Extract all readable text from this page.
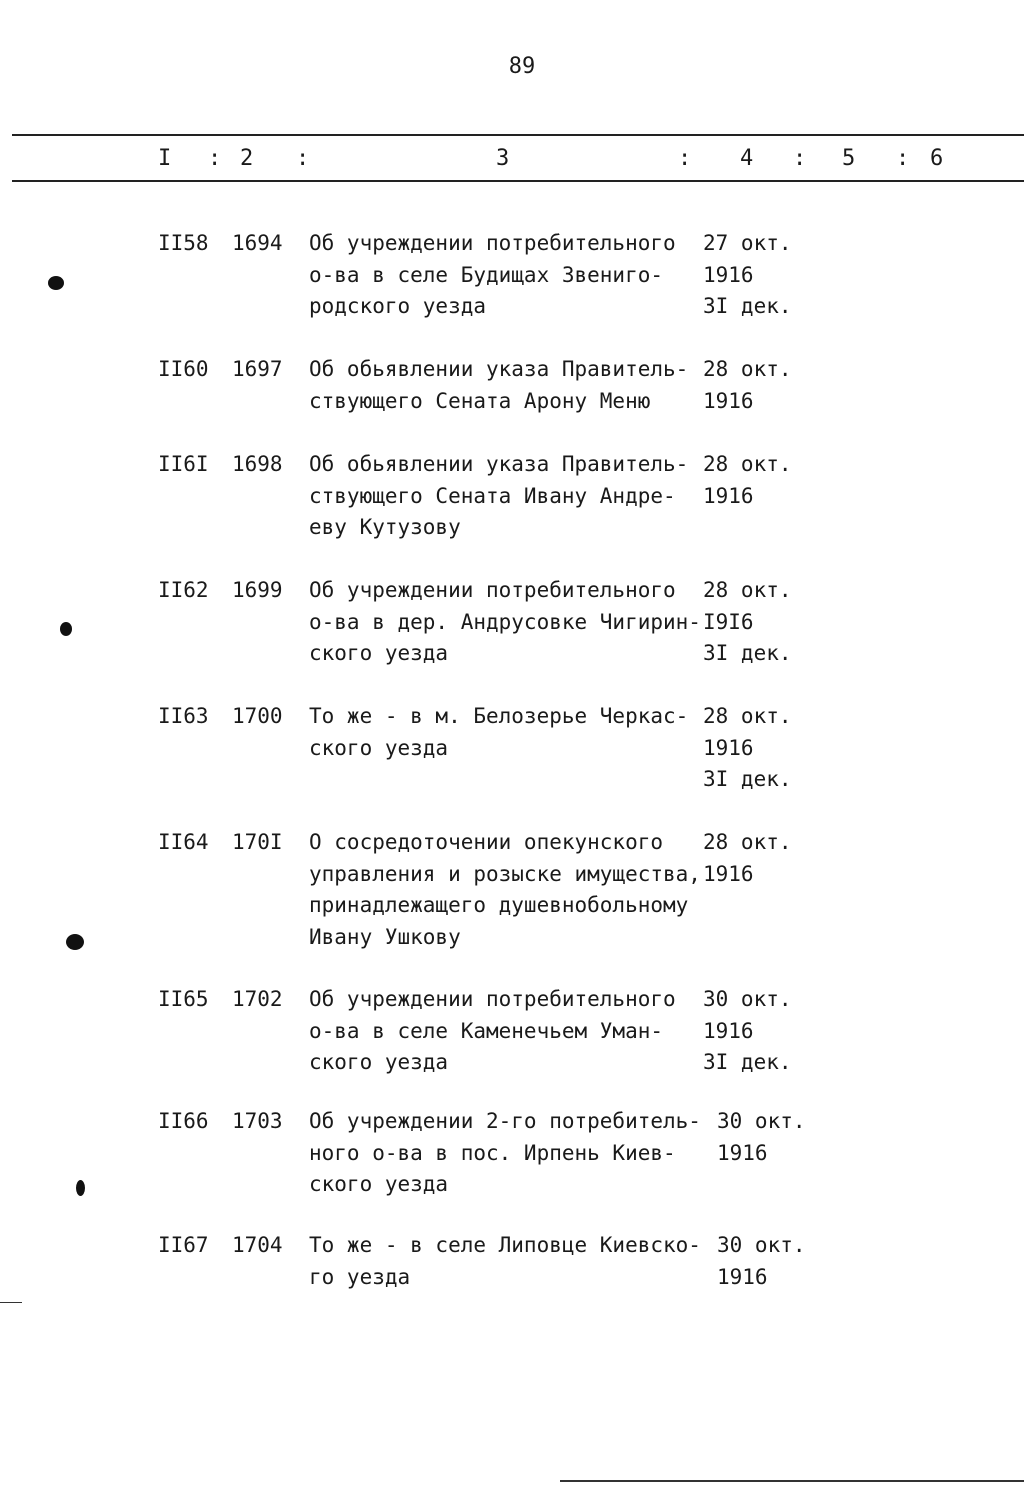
89
I : 2 :	3	: 4 : 5 : 6
II58 1694 Об учреждении потребительного
о-ва в селе Будищах Звениго-
родского уезда
27 окт.
1916
3I дек.
II60 1697 Об обьявлении указа Правитель-
ствующего Сената Арону Меню
28 окт.
1916
II6I 1698 Об обьявлении указа Правитель-
ствующего Сената Ивану Андре-
еву Кутузову
28 окт.
1916
II62 1699 Об учреждении потребительного
о-ва в дер. Андрусовке Чигирин-
ского уезда
28 окт.
I9I6
3I дек.
II63 1700 То же - в м. Белозерье Черкас-
ского уезда
28 окт.
1916
3I дек.
II64 170I О сосредоточении опекунского
управления и розыске имущества,
принадлежащего душевнобольному
Ивану Ушкову
28 окт.
1916
II65 1702 Об учреждении потребительного
о-ва в селе Каменечьем Уман-
ского уезда
30 окт.
1916
3I дек.
II66 1703 Об учреждении 2-го потребитель-
ного о-ва в пос. Ирпень Киев-
ского уезда
30 окт.
1916
II67 1704 То же - в селе Липовце Киевско-
го уезда
30 окт.
1916
